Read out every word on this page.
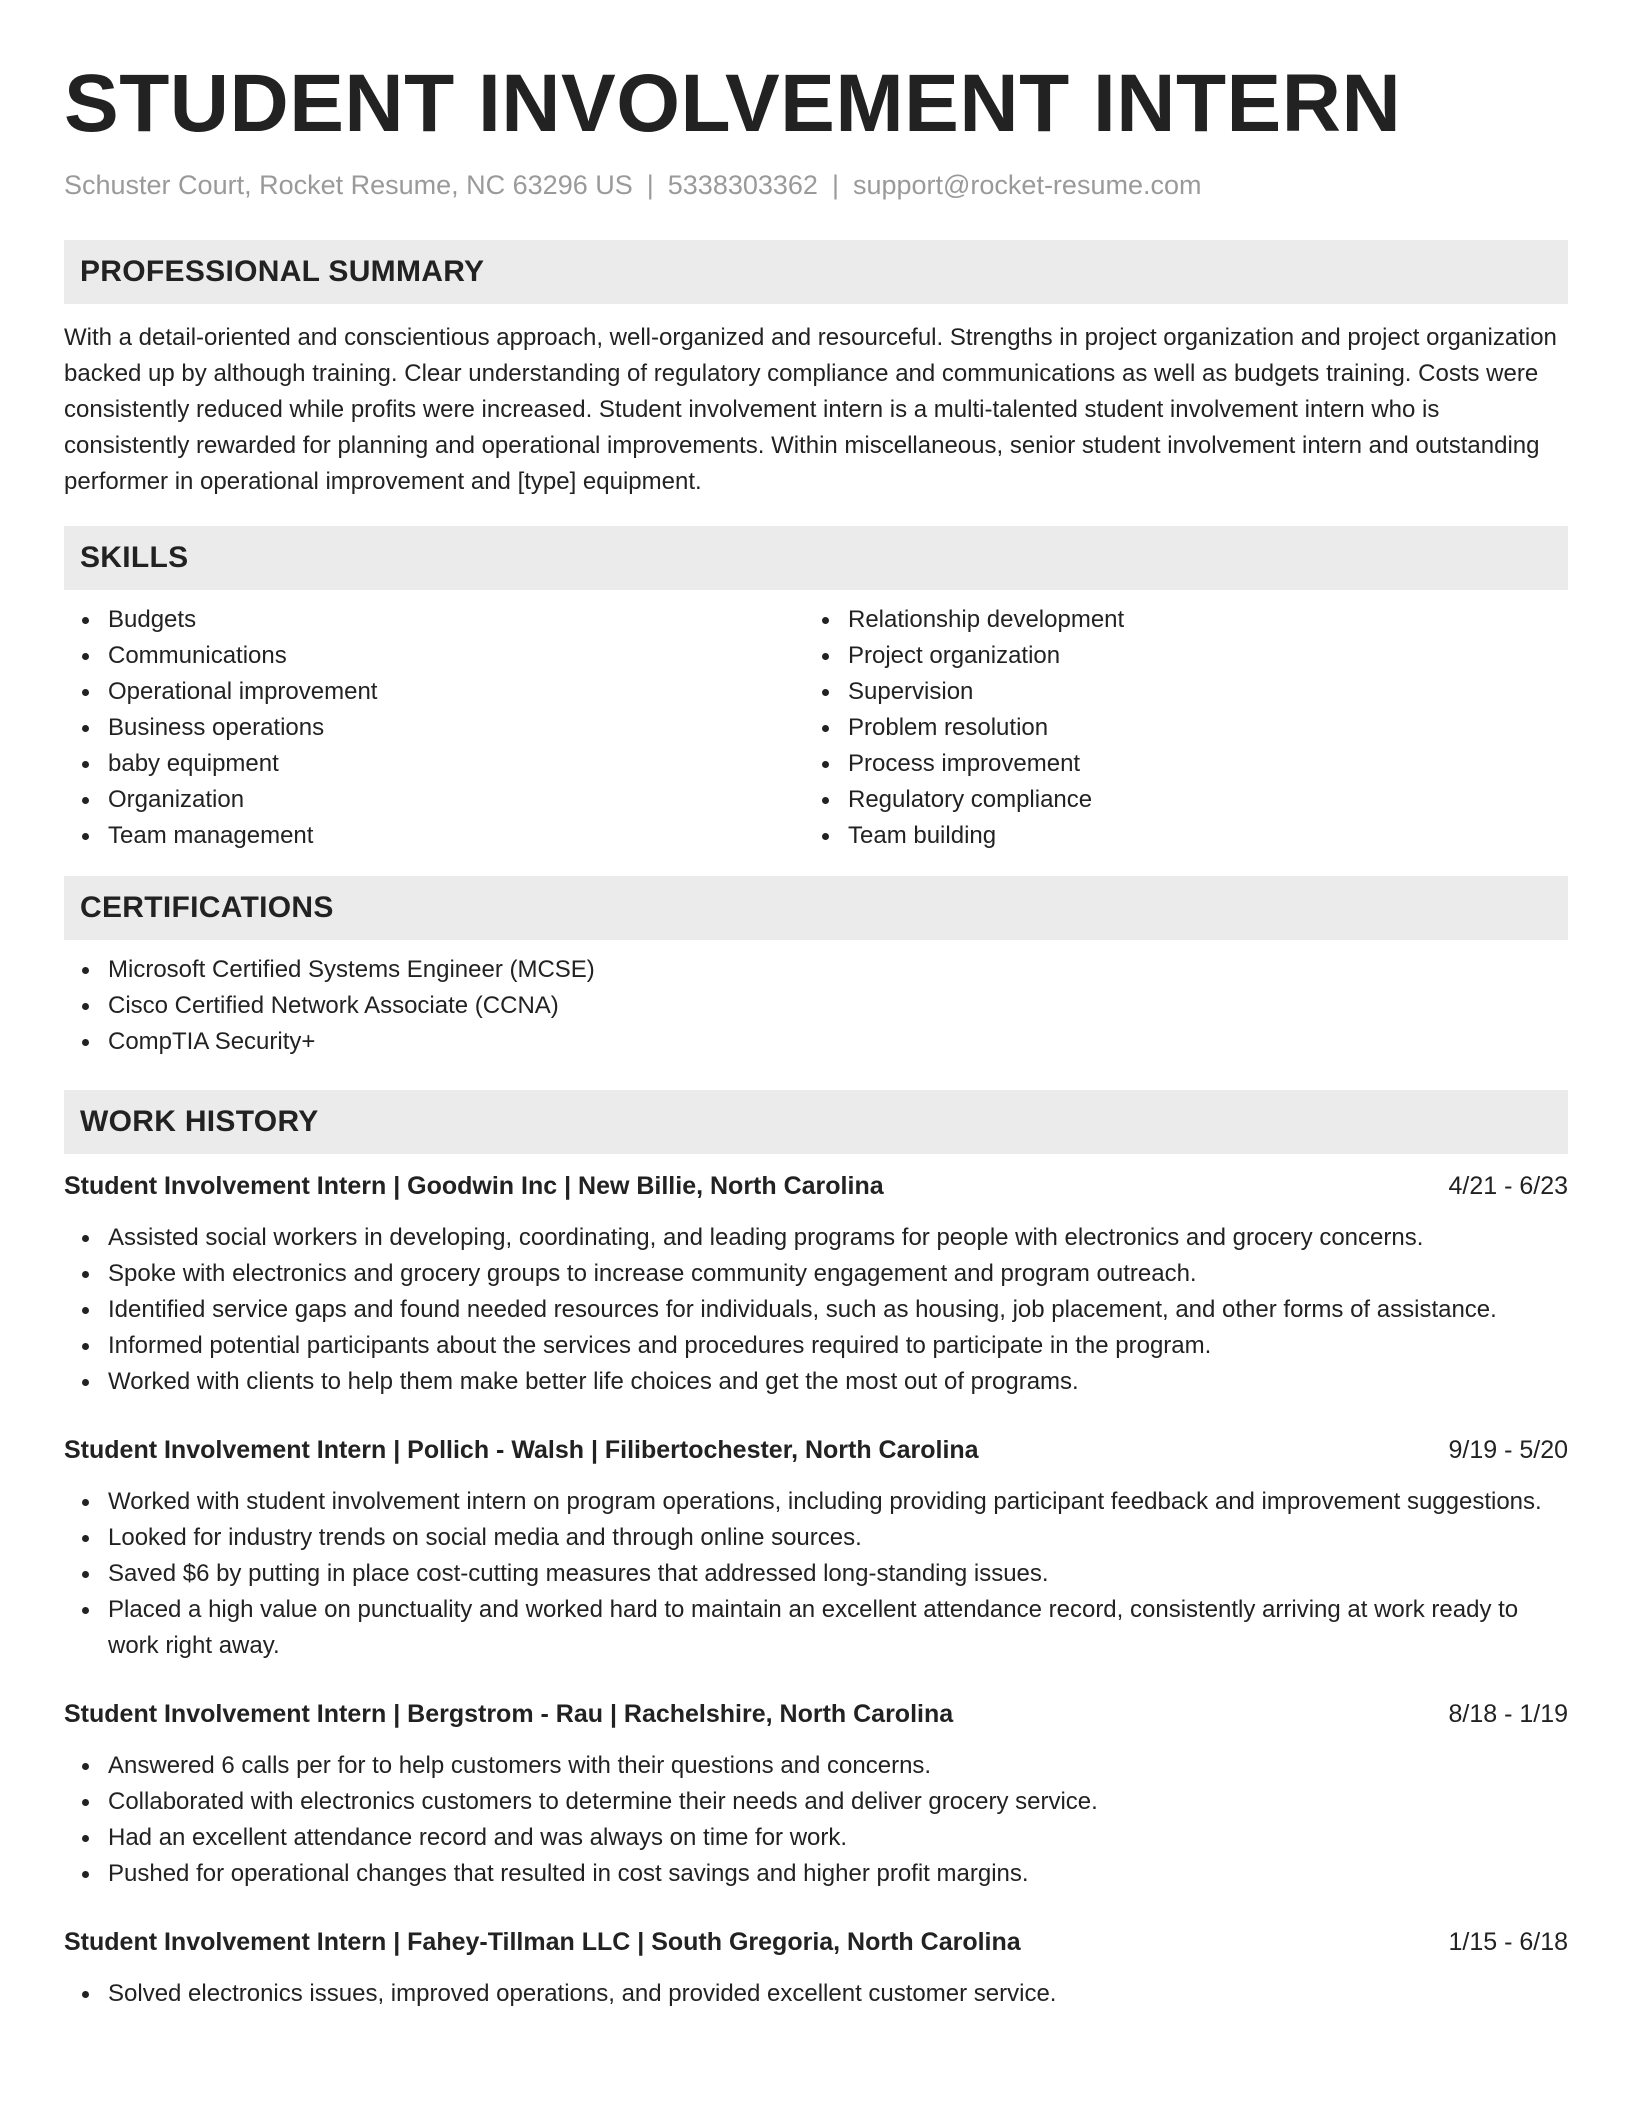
STUDENT INVOLVEMENT INTERN
Schuster Court, Rocket Resume, NC 63296 US | 5338303362 | support@rocket-resume.com
PROFESSIONAL SUMMARY

With a detail-oriented and conscientious approach, well-organized and resourceful. Strengths in project organization and project organization backed up by although training. Clear understanding of regulatory compliance and communications as well as budgets training. Costs were consistently reduced while profits were increased. Student involvement intern is a multi-talented student involvement intern who is consistently rewarded for planning and operational improvements. Within miscellaneous, senior student involvement intern and outstanding performer in operational improvement and [type] equipment.

SKILLS
Budgets
Communications
Operational improvement
Business operations
baby equipment
Organization
Team management
Relationship development
Project organization
Supervision
Problem resolution
Process improvement
Regulatory compliance
Team building
CERTIFICATIONS
Microsoft Certified Systems Engineer (MCSE)
Cisco Certified Network Associate (CCNA)
CompTIA Security+
WORK HISTORY
Student Involvement Intern | Goodwin Inc | New Billie, North Carolina	4/21 - 6/23
Assisted social workers in developing, coordinating, and leading programs for people with electronics and grocery concerns.
Spoke with electronics and grocery groups to increase community engagement and program outreach.
Identified service gaps and found needed resources for individuals, such as housing, job placement, and other forms of assistance.
Informed potential participants about the services and procedures required to participate in the program.
Worked with clients to help them make better life choices and get the most out of programs.
Student Involvement Intern | Pollich - Walsh | Filibertochester, North Carolina	9/19 - 5/20
Worked with student involvement intern on program operations, including providing participant feedback and improvement suggestions.
Looked for industry trends on social media and through online sources.
Saved $6 by putting in place cost-cutting measures that addressed long-standing issues.
Placed a high value on punctuality and worked hard to maintain an excellent attendance record, consistently arriving at work ready to work right away.
Student Involvement Intern | Bergstrom - Rau | Rachelshire, North Carolina	8/18 - 1/19
Answered 6 calls per for to help customers with their questions and concerns.
Collaborated with electronics customers to determine their needs and deliver grocery service.
Had an excellent attendance record and was always on time for work.
Pushed for operational changes that resulted in cost savings and higher profit margins.
Student Involvement Intern | Fahey-Tillman LLC | South Gregoria, North Carolina	1/15 - 6/18
Solved electronics issues, improved operations, and provided excellent customer service.
